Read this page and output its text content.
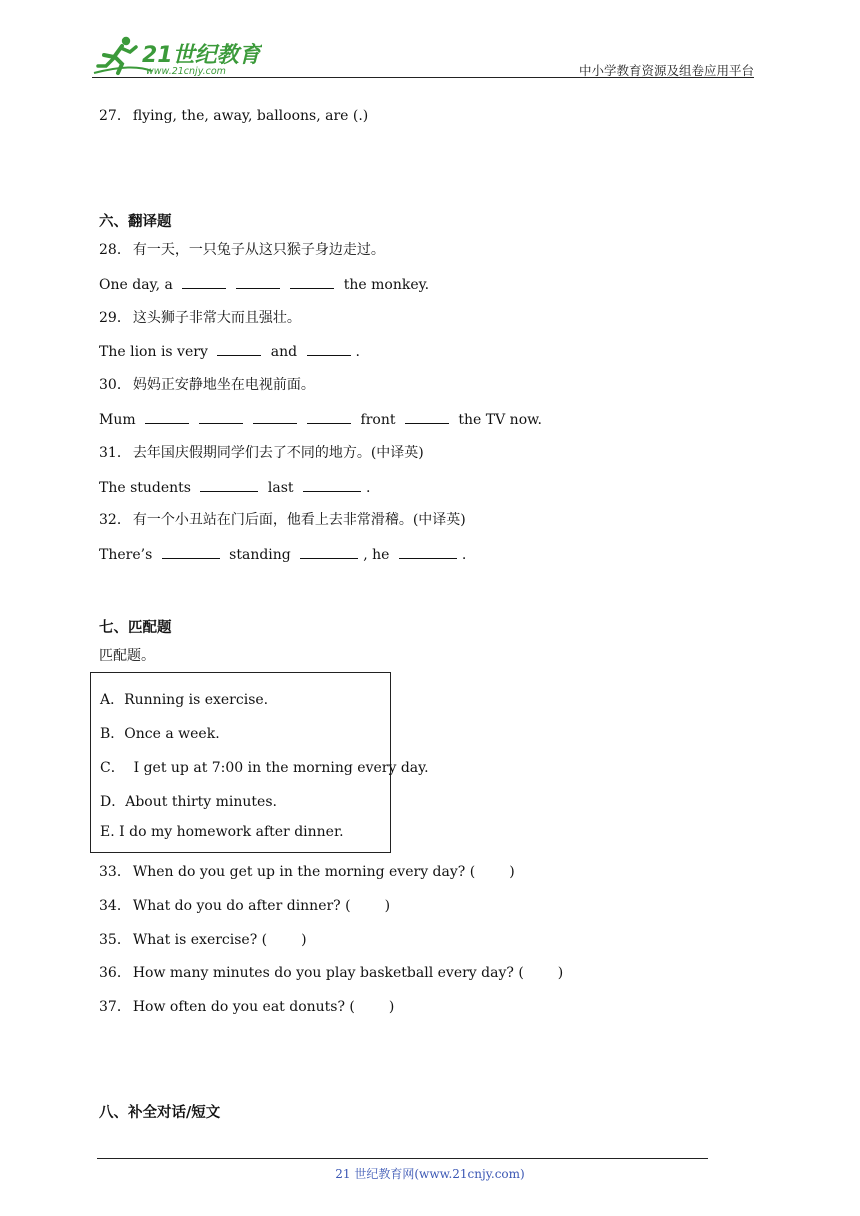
21世纪教育
www.21cnjy.com	中小学教育资源及组卷应用平台
27． flying, the, away, balloons, are (.)
六、翻译题
28． 有一天，一只兔子从这只猴子身边走过。
One day, a	the monkey.
29． 这头狮子非常大而且强壮。
The lion is very	and	.
30． 妈妈正安静地坐在电视前面。
Mum	front	the TV now.
31． 去年国庆假期同学们去了不同的地方。(中译英)
The students	last	.
32． 有一个小丑站在门后面，他看上去非常滑稽。(中译英)
There’s	standing	, he	.
七、匹配题
匹配题。
A．Running is exercise.
B．Once a week.
C．  I get up at 7:00 in the morning every day.
D．About thirty minutes.
E. I do my homework after dinner.
33． When do you get up in the morning every day? ( )
34． What do you do after dinner? ( )
35． What is exercise? ( )
36． How many minutes do you play basketball every day? ( )
37． How often do you eat donuts? ( )
八、补全对话/短文
21 世纪教育网(www.21cnjy.com)
